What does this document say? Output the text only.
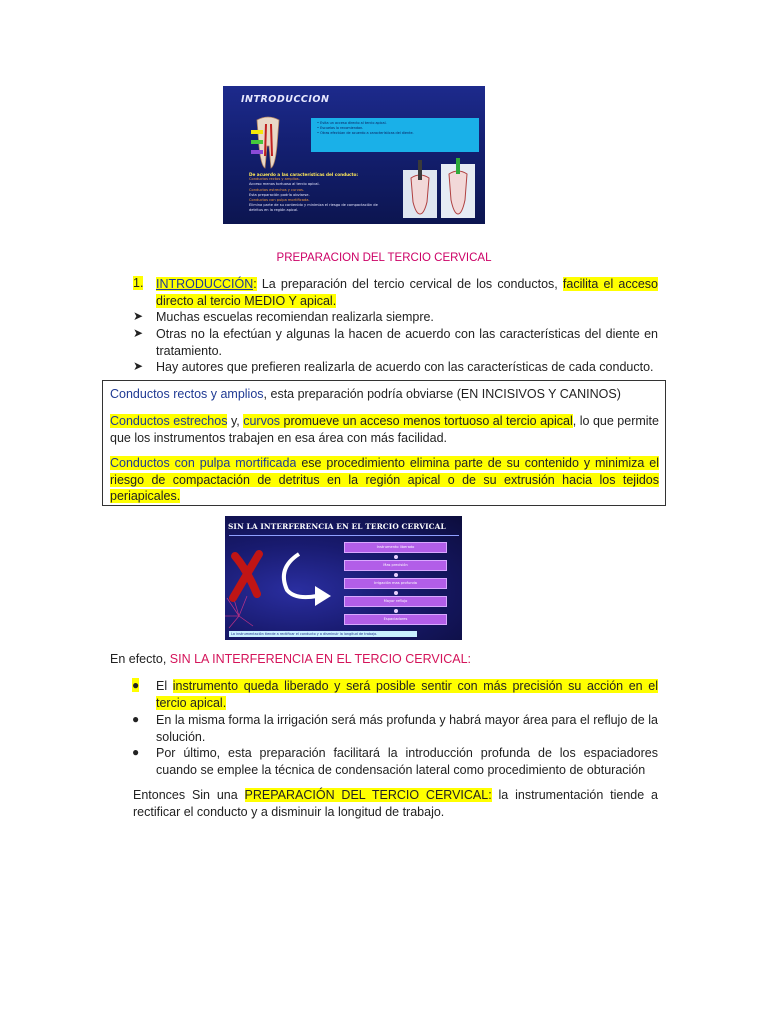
INTRODUCCION
• Evita un acceso directo al tercio apical.
• Escuelas lo recomiendan.
• Otras efectúan de acuerdo a características del diente.
De acuerdo a las características del conducto:
Conductos rectos y amplios.
Acceso menos tortuoso al tercio apical.
Conductos estrechos y curvos.
Esta preparación podría obviarse.
Conductos con pulpa mortificada.
Elimina parte de su contenido y minimiza el riesgo de compactación de
detritus en la región apical.
PREPARACION DEL TERCIO CERVICAL
1. INTRODUCCIÓN: La preparación del tercio cervical de los conductos, facilita el acceso directo al tercio MEDIO Y apical.
➤ Muchas escuelas recomiendan realizarla siempre.
➤ Otras no la efectúan y algunas la hacen de acuerdo con las características del diente en tratamiento.
➤ Hay autores que prefieren realizarla de acuerdo con las características de cada conducto.
Conductos rectos y amplios, esta preparación podría obviarse (EN INCISIVOS Y CANINOS)
Conductos estrechos y, curvos promueve un acceso menos tortuoso al tercio apical, lo que permite que los instrumentos trabajen en esa área con más facilidad.
Conductos con pulpa mortificada ese procedimiento elimina parte de su contenido y minimiza el riesgo de compactación de detritus en la región apical o de su extrusión hacia los tejidos periapicales.
SIN LA INTERFERENCIA EN EL TERCIO CERVICAL
Instrumento liberado
Mas precisión
Irrigación mas profunda
Mayor reflujo
Espaciadores
La instrumentación tiende a rectificar el conducto y a disminuir la longitud de trabajo.
En efecto, SIN LA INTERFERENCIA EN EL TERCIO CERVICAL:
● El instrumento queda liberado y será posible sentir con más precisión su acción en el tercio apical.
● En la misma forma la irrigación será más profunda y habrá mayor área para el reflujo de la solución.
● Por último, esta preparación facilitará la introducción profunda de los espaciadores cuando se emplee la técnica de condensación lateral como procedimiento de obturación
Entonces Sin una PREPARACIÓN DEL TERCIO CERVICAL: la instrumentación tiende a rectificar el conducto y a disminuir la longitud de trabajo.
